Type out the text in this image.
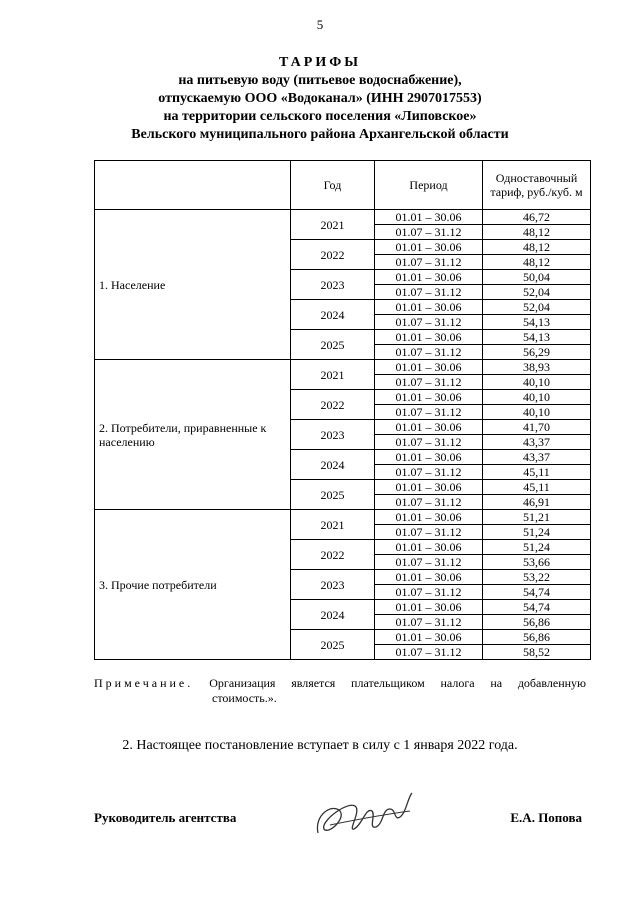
5
ТАРИФЫ
на питьевую воду (питьевое водоснабжение),
отпускаемую ООО «Водоканал» (ИНН 2907017553)
на территории сельского поселения «Липовское»
Вельского муниципального района Архангельской области
	Год	Период	Одноставочный тариф, руб./куб. м
1. Население	2021	01.01 – 30.06	46,72
		01.07 – 31.12	48,12
	2022	01.01 – 30.06	48,12
		01.07 – 31.12	48,12
	2023	01.01 – 30.06	50,04
		01.07 – 31.12	52,04
	2024	01.01 – 30.06	52,04
		01.07 – 31.12	54,13
	2025	01.01 – 30.06	54,13
		01.07 – 31.12	56,29
2. Потребители, приравненные к населению	2021	01.01 – 30.06	38,93
		01.07 – 31.12	40,10
	2022	01.01 – 30.06	40,10
		01.07 – 31.12	40,10
	2023	01.01 – 30.06	41,70
		01.07 – 31.12	43,37
	2024	01.01 – 30.06	43,37
		01.07 – 31.12	45,11
	2025	01.01 – 30.06	45,11
		01.07 – 31.12	46,91
3. Прочие потребители	2021	01.01 – 30.06	51,21
		01.07 – 31.12	51,24
	2022	01.01 – 30.06	51,24
		01.07 – 31.12	53,66
	2023	01.01 – 30.06	53,22
		01.07 – 31.12	54,74
	2024	01.01 – 30.06	54,74
		01.07 – 31.12	56,86
	2025	01.01 – 30.06	56,86
		01.07 – 31.12	58,52
Примечание.	Организация является плательщиком налога на добавленную
стоимость.».
2. Настоящее постановление вступает в силу с 1 января 2022 года.
Руководитель агентства	Е.А. Попова
